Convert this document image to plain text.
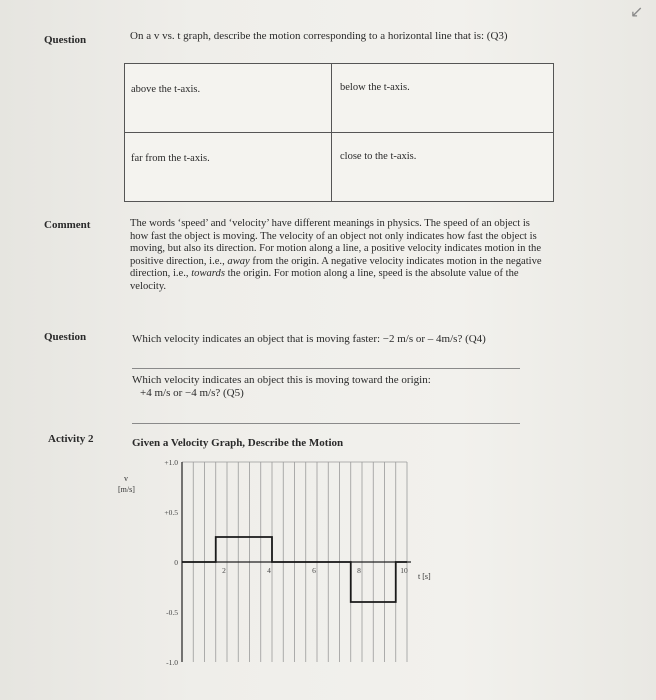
↙
Question	On a v vs. t graph, describe the motion corresponding to a horizontal line that is: (Q3)
above the t-axis.	below the t-axis.

far from the t-axis.	close to the t-axis.
Comment	The words ‘speed’ and ‘velocity’ have different meanings in physics. The speed of an object is how fast the object is moving. The velocity of an object not only indicates how fast the object is moving, but also its direction. For motion along a line, a positive velocity indicates motion in the positive direction, i.e., away from the origin. A negative velocity indicates motion in the negative direction, i.e., towards the origin. For motion along a line, speed is the absolute value of the velocity.
Question	Which velocity indicates an object that is moving faster: −2 m/s or – 4m/s? (Q4)
Which velocity indicates an object this is moving toward the origin:
+4 m/s or −4 m/s? (Q5)
Activity 2	Given a Velocity Graph, Describe the Motion
+1.0
+0.5
0
-0.5
-1.0
2	4	6	8	10
v
[m/s]
t [s]
